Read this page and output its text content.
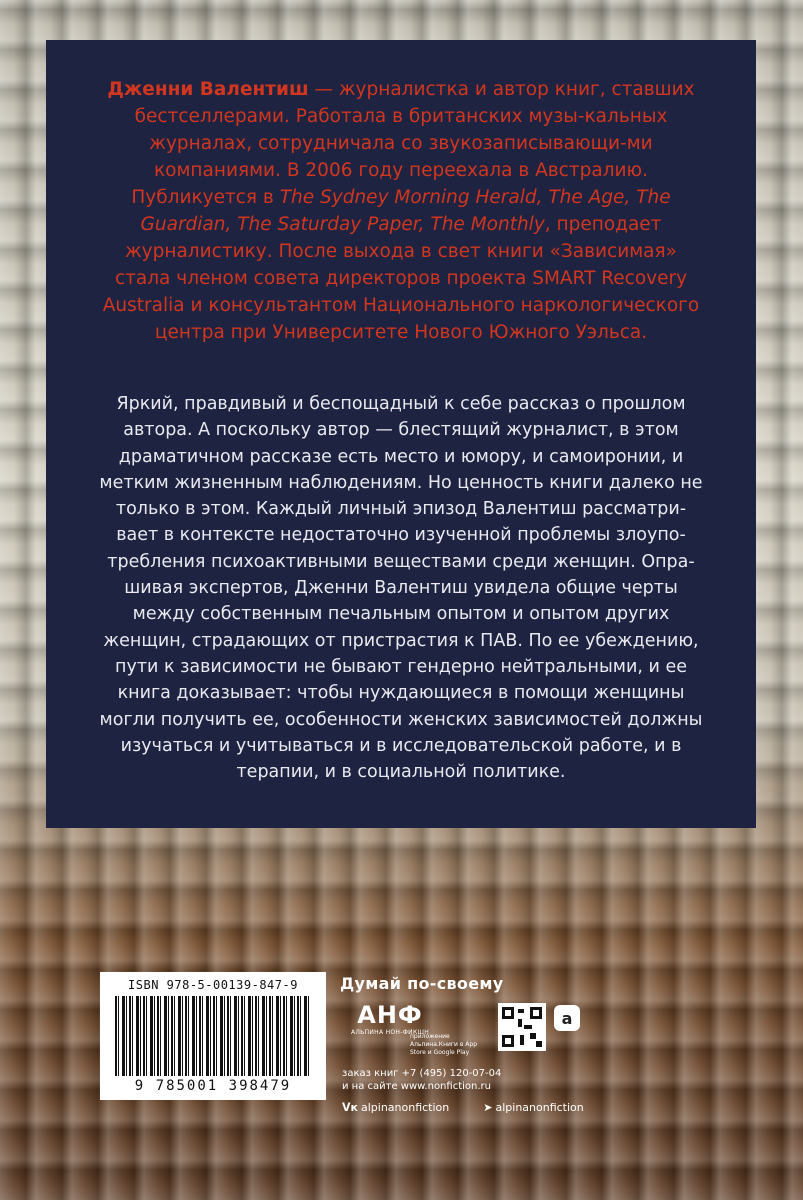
Дженни Валентиш — журналистка и автор книг, ставших бестселлерами. Работала в британских музы-кальных журналах, сотрудничала со звукозаписывающи-ми компаниями. В 2006 году переехала в Австралию. Публикуется в The Sydney Morning Herald, The Age, The Guardian, The Saturday Paper, The Monthly, преподает журналистику. После выхода в свет книги «Зависимая» стала членом совета директоров проекта SMART Recovery Australia и консультантом Национального наркологического центра при Университете Нового Южного Уэльса.

Яркий, правдивый и беспощадный к себе рассказ о прошлом автора. А поскольку автор — блестящий журналист, в этом драматичном рассказе есть место и юмору, и самоиронии, и метким жизненным наблюдениям. Но ценность книги далеко не только в этом. Каждый личный эпизод Валентиш рассматри-вает в контексте недостаточно изученной проблемы злоупо-требления психоактивными веществами среди женщин. Опра-шивая экспертов, Дженни Валентиш увидела общие черты между собственным печальным опытом и опытом других женщин, страдающих от пристрастия к ПАВ. По ее убеждению, пути к зависимости не бывают гендерно нейтральными, и ее книга доказывает: чтобы нуждающиеся в помощи женщины могли получить ее, особенности женских зависимостей должны изучаться и учитываться и в исследовательской работе, и в терапии, и в социальной политике.

ISBN 978-5-00139-847-9
9 785001 398479
Думай по-своему
АНФ
АЛЬПИНА НОН-ФИКШН
a
приложение Альпина.Книги в App Store и Google Play
заказ книг +7 (495) 120-07-04
и на сайте www.nonfiction.ru
ᐯк alpinanonfiction	➤ alpinanonfiction
